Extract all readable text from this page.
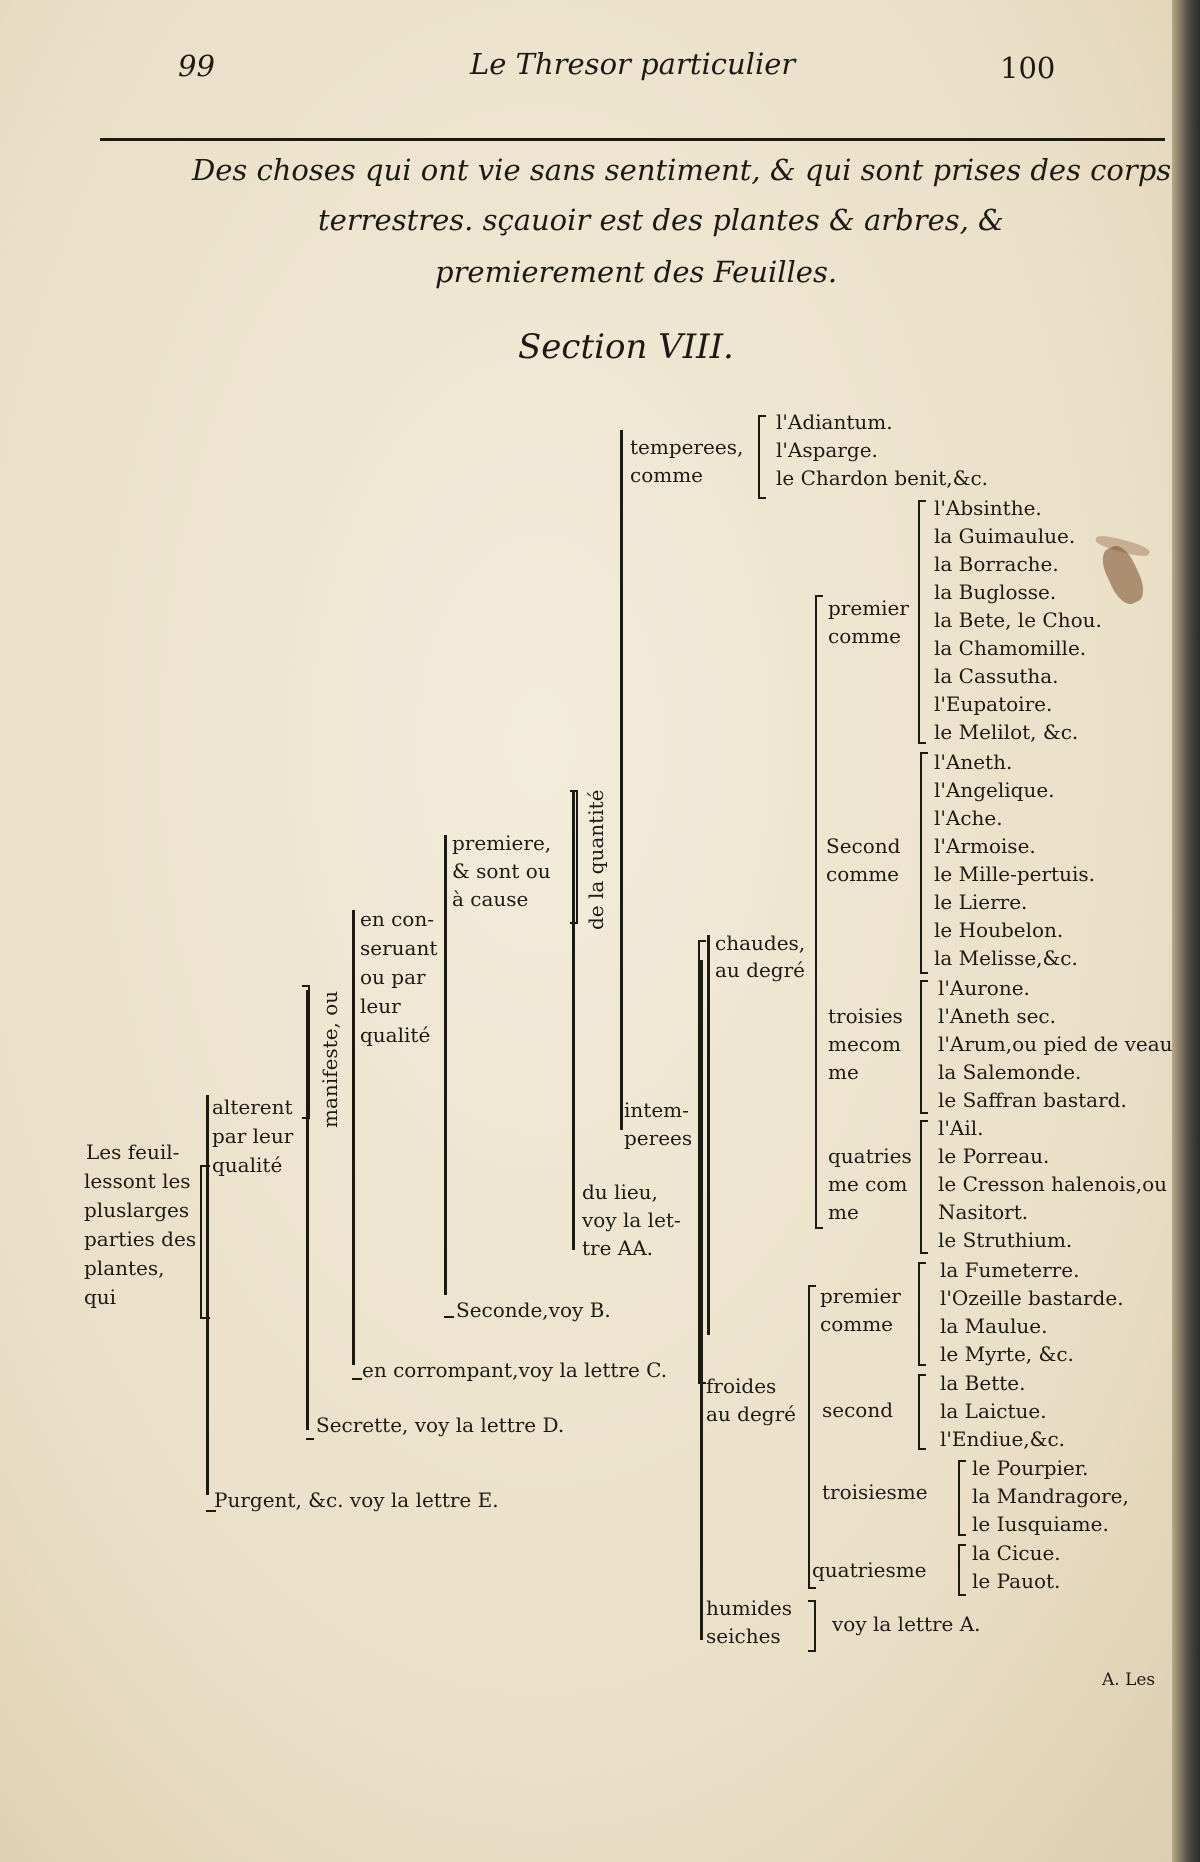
99	Le Thresor particulier	100
Des choses qui ont vie sans sentiment, & qui sont prises des corps
terrestres. sçauoir est des plantes & arbres, &
premierement des Feuilles.
Section VIII.
Les feuil-
lessont les
pluslarges
parties des
plantes,
qui
alterent
par leur
qualité
Purgent, &c. voy la lettre E.
manifeste, ou
Secrette, voy la lettre D.
en con-
seruant
ou par
leur
qualité
en corrompant,voy la lettre C.
premiere,
& sont ou
à cause
Seconde,voy B.
de la quantité
du lieu,
voy la let-
tre AA.
temperees,
comme
l'Adiantum.
l'Asparge.
le Chardon benit,&c.
intem-
perees
chaudes,
au degré
premier
comme
l'Absinthe.
la Guimaulue.
la Borrache.
la Buglosse.
la Bete, le Chou.
la Chamomille.
la Cassutha.
l'Eupatoire.
le Melilot, &c.
Second
comme
l'Aneth.
l'Angelique.
l'Ache.
l'Armoise.
le Mille-pertuis.
le Lierre.
le Houbelon.
la Melisse,&c.
troisies
mecom
me
l'Aurone.
l'Aneth sec.
l'Arum,ou pied de veau
la Salemonde.
le Saffran bastard.
quatries
me com
me
l'Ail.
le Porreau.
le Cresson halenois,ou
Nasitort.
le Struthium.
froides
au degré
premier
comme
la Fumeterre.
l'Ozeille bastarde.
la Maulue.
le Myrte, &c.
second
la Bette.
la Laictue.
l'Endiue,&c.
troisiesme
le Pourpier.
la Mandragore,
le Iusquiame.
quatriesme
la Cicue.
le Pauot.
humides
seiches	voy la lettre A.
A. Les
